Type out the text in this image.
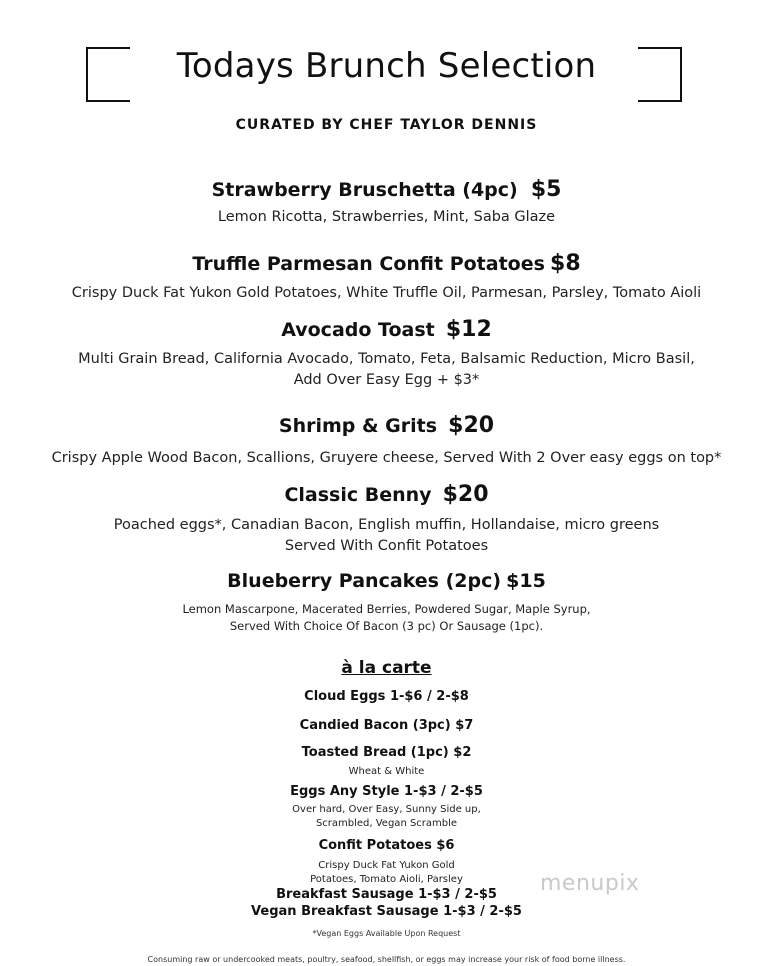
Todays Brunch Selection
CURATED BY CHEF TAYLOR DENNIS
Strawberry Bruschetta (4pc) $5
Lemon Ricotta, Strawberries, Mint, Saba Glaze
Truffle Parmesan Confit Potatoes $8
Crispy Duck Fat Yukon Gold Potatoes, White Truffle Oil, Parmesan, Parsley, Tomato Aioli
Avocado Toast $12
Multi Grain Bread, California Avocado, Tomato, Feta, Balsamic Reduction, Micro Basil,
Add Over Easy Egg + $3*
Shrimp & Grits $20
Crispy Apple Wood Bacon, Scallions, Gruyere cheese, Served With 2 Over easy eggs on top*
Classic Benny $20
Poached eggs*, Canadian Bacon, English muffin, Hollandaise, micro greens
Served With Confit Potatoes
Blueberry Pancakes (2pc) $15
Lemon Mascarpone, Macerated Berries, Powdered Sugar, Maple Syrup,
Served With Choice Of Bacon (3 pc) Or Sausage (1pc).
à la carte
Cloud Eggs 1-$6 / 2-$8
Candied Bacon (3pc) $7
Toasted Bread (1pc) $2
Wheat & White
Eggs Any Style 1-$3 / 2-$5
Over hard, Over Easy, Sunny Side up,
Scrambled, Vegan Scramble
Confit Potatoes $6
Crispy Duck Fat Yukon Gold
Potatoes, Tomato Aioli, Parsley
Breakfast Sausage 1-$3 / 2-$5
Vegan Breakfast Sausage 1-$3 / 2-$5
*Vegan Eggs Available Upon Request
Consuming raw or undercooked meats, poultry, seafood, shellfish, or eggs may increase your risk of food borne illness.
menupix
